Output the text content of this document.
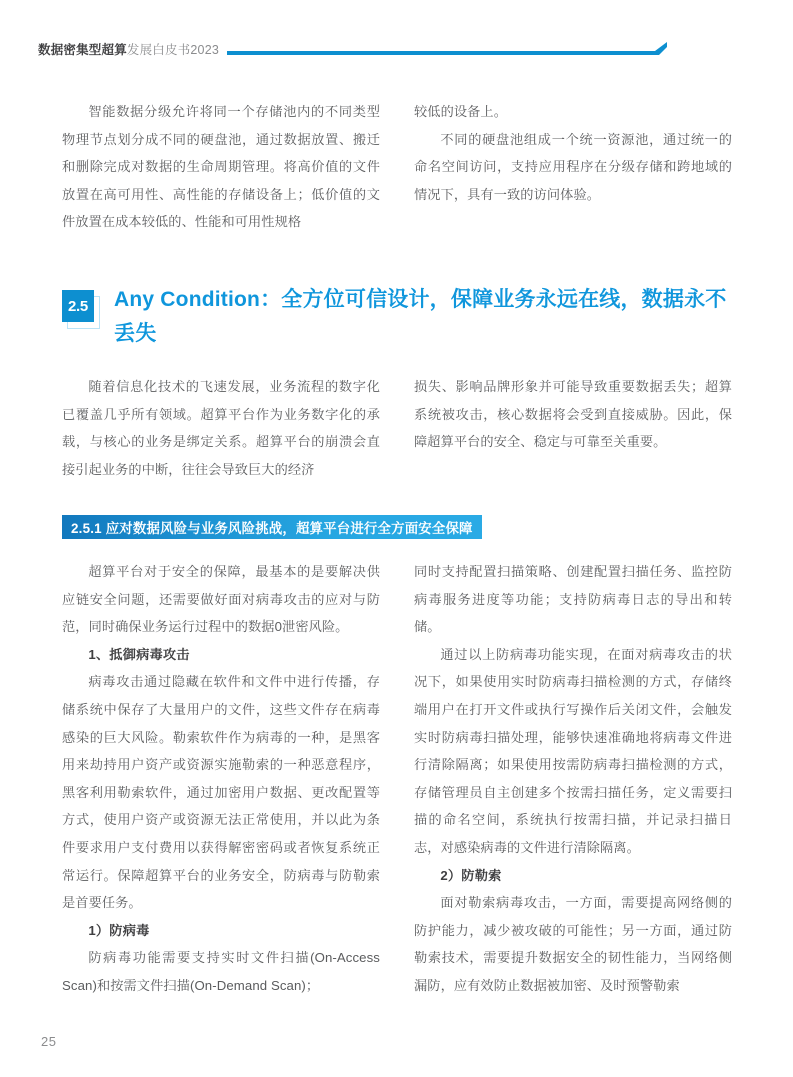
数据密集型超算发展白皮书2023

智能数据分级允许将同一个存储池内的不同类型物理节点划分成不同的硬盘池，通过数据放置、搬迁和删除完成对数据的生命周期管理。将高价值的文件放置在高可用性、高性能的存储设备上；低价值的文件放置在成本较低的、性能和可用性规格

较低的设备上。

不同的硬盘池组成一个统一资源池，通过统一的命名空间访问，支持应用程序在分级存储和跨地域的情况下，具有一致的访问体验。

2.5 Any Condition：全方位可信设计，保障业务永远在线，数据永不丢失

随着信息化技术的飞速发展，业务流程的数字化已覆盖几乎所有领域。超算平台作为业务数字化的承载，与核心的业务是绑定关系。超算平台的崩溃会直接引起业务的中断，往往会导致巨大的经济

损失、影响品牌形象并可能导致重要数据丢失；超算系统被攻击，核心数据将会受到直接威胁。因此，保障超算平台的安全、稳定与可靠至关重要。

2.5.1 应对数据风险与业务风险挑战，超算平台进行全方面安全保障

超算平台对于安全的保障，最基本的是要解决供应链安全问题，还需要做好面对病毒攻击的应对与防范，同时确保业务运行过程中的数据0泄密风险。

1、抵御病毒攻击

病毒攻击通过隐藏在软件和文件中进行传播，存储系统中保存了大量用户的文件，这些文件存在病毒感染的巨大风险。勒索软件作为病毒的一种，是黑客用来劫持用户资产或资源实施勒索的一种恶意程序，黑客利用勒索软件，通过加密用户数据、更改配置等方式，使用户资产或资源无法正常使用，并以此为条件要求用户支付费用以获得解密密码或者恢复系统正常运行。保障超算平台的业务安全，防病毒与防勒索是首要任务。

1）防病毒

防病毒功能需要支持实时文件扫描(On-Access Scan)和按需文件扫描(On-Demand Scan)；

同时支持配置扫描策略、创建配置扫描任务、监控防病毒服务进度等功能；支持防病毒日志的导出和转储。

通过以上防病毒功能实现，在面对病毒攻击的状况下，如果使用实时防病毒扫描检测的方式，存储终端用户在打开文件或执行写操作后关闭文件，会触发实时防病毒扫描处理，能够快速准确地将病毒文件进行清除隔离；如果使用按需防病毒扫描检测的方式，存储管理员自主创建多个按需扫描任务，定义需要扫描的命名空间，系统执行按需扫描，并记录扫描日志，对感染病毒的文件进行清除隔离。

2）防勒索

面对勒索病毒攻击，一方面，需要提高网络侧的防护能力，减少被攻破的可能性；另一方面，通过防勒索技术，需要提升数据安全的韧性能力，当网络侧漏防，应有效防止数据被加密、及时预警勒索

25
